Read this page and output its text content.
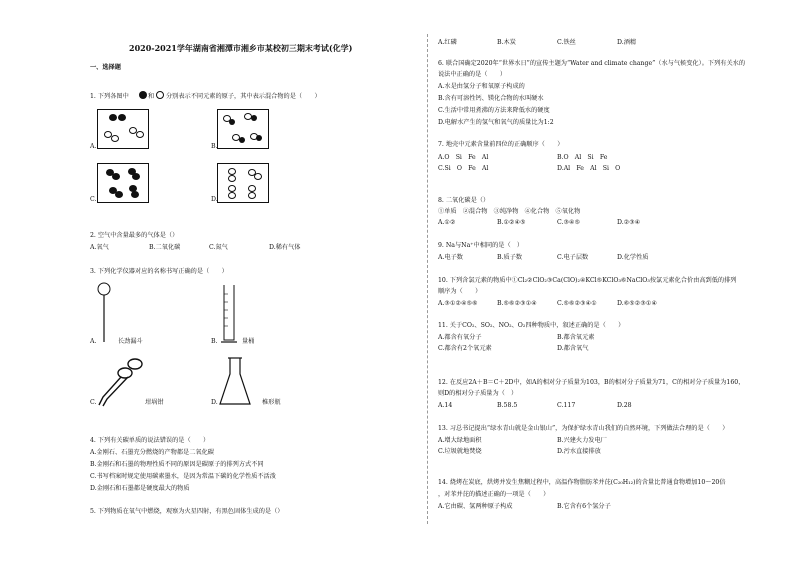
2020-2021学年湖南省湘潭市湘乡市某校初三期末考试(化学)
一、选择题
1. 下列各图中	和 分别表示不同元素的原子，其中表示混合物的是（　　）
A.	B.
C.	D.
2. 空气中含量最多的气体是（）
A.氧气	B.二氧化碳	C.氮气	D.稀有气体
3. 下列化学仪器对应的名称书写正确的是（　　）
A.	长劲漏斗	B.	量桶
C.	坩埚钳	D.	椎形瓶
4. 下列有关碳单质的说法错误的是（　　）
A.金刚石、石墨充分燃烧的产物都是二氧化碳
B.金刚石和石墨的物理性质不同的原因是碳原子的排列方式不同
C.书写档案时规定使用碳素墨水，是因为常温下碳的化学性质不活泼
D.金刚石和石墨都是硬度最大的物质
5. 下列物质在氧气中燃烧，观察为火星四射，有黑色固体生成的是（）
A.红磷	B.木炭	C.铁丝	D.酒精
6. 联合国确定2020年“世界水日”的宣传主题为“Water and climate change”（水与气候变化）。下列有关水的
说法中正确的是（　　）
A.水是由氢分子和氧原子构成的
B.含有可溶性钙、镁化合物的水叫硬水
C.生活中常用煮沸的方法来降低水的硬度
D.电解水产生的氢气和氧气的质量比为1:2
7. 地壳中元素含量前四位的正确顺序（　　）
A.O　Si　Fe　Al	B.O　Al　Si　Fe
C.Si　O　Fe　Al	D.Al　Fe　Al　Si　O
8. 二氧化碳是（）
①单质　②混合物　③纯净物　④化合物　⑤氧化物
A.①②	B.①②④⑤	C.③④⑤	D.②③④
9. Na与Na⁺中相同的是（　）
A.电子数	B.质子数	C.电子层数	D.化学性质
10. 下列含氯元素的物质中①Cl₂②ClO₂③Ca(ClO)₂④KCl⑤KClO₃⑥NaClO₃按氯元素化合价由高到低的排列
顺序为（　　）
A.③①②④⑤⑥	B.⑤⑥②③①④	C.⑤⑥②③④①	D.⑥⑤②③①④
11. 关于CO₂、SO₂、NO₂、O₂四种物质中，叙述正确的是（　　）
A.都含有氧分子	B.都含氧元素
C.都含有2个氧元素	D.都含氧气
12. 在反应2A＋B＝C＋2D中，如A的相对分子质量为103，B的相对分子质量为71，C的相对分子质量为160，
则D的相对分子质量为（　）
A.14	B.58.5	C.117	D.28
13. 习总书记提出“绿水青山就是金山银山”，为保护绿水青山我们的自然环境，下列做法合理的是（　　）
A.增大绿地面积	B.兴建火力发电厂
C.垃圾就地焚烧	D.污水直接排放
14. 烧烤在炭底，烘烤并发生焦糊过程中，高温作物脂肪苯并芘(C₂₀H₁₂)的含量比普通食物增加10～20倍
，对苯并芘的描述正确的一项是（　　）
A.它由碳、氢两种原子构成	B.它含有6个氢分子
